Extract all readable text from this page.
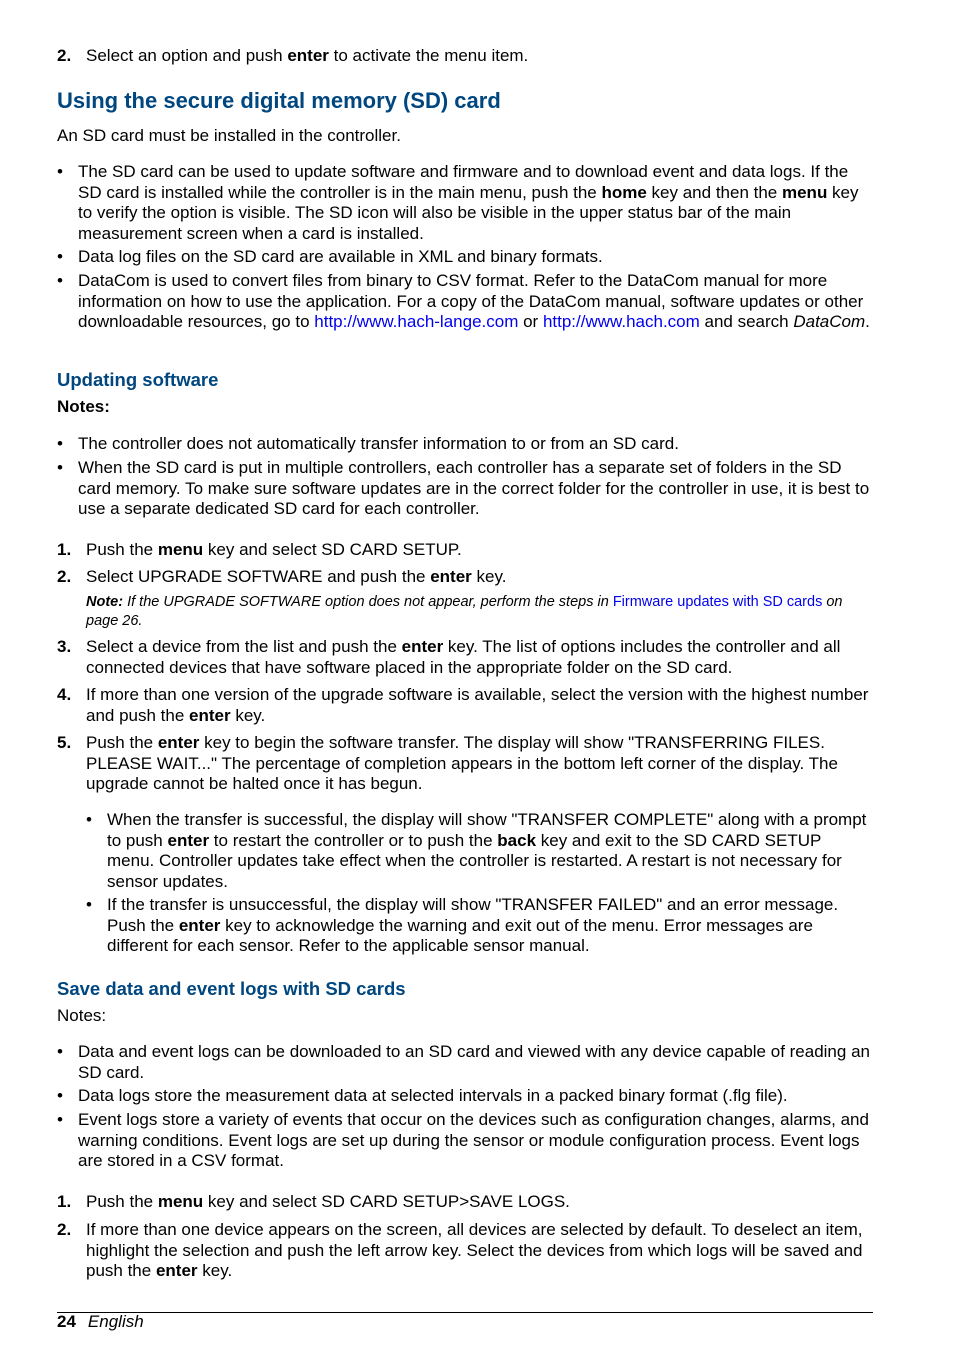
2. Select an option and push enter to activate the menu item.
Using the secure digital memory (SD) card
An SD card must be installed in the controller.
• The SD card can be used to update software and firmware and to download event and data logs. If the SD card is installed while the controller is in the main menu, push the home key and then the menu key to verify the option is visible. The SD icon will also be visible in the upper status bar of the main measurement screen when a card is installed.
• Data log files on the SD card are available in XML and binary formats.
• DataCom is used to convert files from binary to CSV format. Refer to the DataCom manual for more information on how to use the application. For a copy of the DataCom manual, software updates or other downloadable resources, go to http://www.hach-lange.com or http://www.hach.com and search DataCom.
Updating software
Notes:
• The controller does not automatically transfer information to or from an SD card.
• When the SD card is put in multiple controllers, each controller has a separate set of folders in the SD card memory. To make sure software updates are in the correct folder for the controller in use, it is best to use a separate dedicated SD card for each controller.
1. Push the menu key and select SD CARD SETUP.
2. Select UPGRADE SOFTWARE and push the enter key.
Note: If the UPGRADE SOFTWARE option does not appear, perform the steps in Firmware updates with SD cards on page 26.
3. Select a device from the list and push the enter key. The list of options includes the controller and all connected devices that have software placed in the appropriate folder on the SD card.
4. If more than one version of the upgrade software is available, select the version with the highest number and push the enter key.
5. Push the enter key to begin the software transfer. The display will show "TRANSFERRING FILES. PLEASE WAIT..." The percentage of completion appears in the bottom left corner of the display. The upgrade cannot be halted once it has begun.
• When the transfer is successful, the display will show "TRANSFER COMPLETE" along with a prompt to push enter to restart the controller or to push the back key and exit to the SD CARD SETUP menu. Controller updates take effect when the controller is restarted. A restart is not necessary for sensor updates.
• If the transfer is unsuccessful, the display will show "TRANSFER FAILED" and an error message. Push the enter key to acknowledge the warning and exit out of the menu. Error messages are different for each sensor. Refer to the applicable sensor manual.
Save data and event logs with SD cards
Notes:
• Data and event logs can be downloaded to an SD card and viewed with any device capable of reading an SD card.
• Data logs store the measurement data at selected intervals in a packed binary format (.flg file).
• Event logs store a variety of events that occur on the devices such as configuration changes, alarms, and warning conditions. Event logs are set up during the sensor or module configuration process. Event logs are stored in a CSV format.
1. Push the menu key and select SD CARD SETUP>SAVE LOGS.
2. If more than one device appears on the screen, all devices are selected by default. To deselect an item, highlight the selection and push the left arrow key. Select the devices from which logs will be saved and push the enter key.
24 English
